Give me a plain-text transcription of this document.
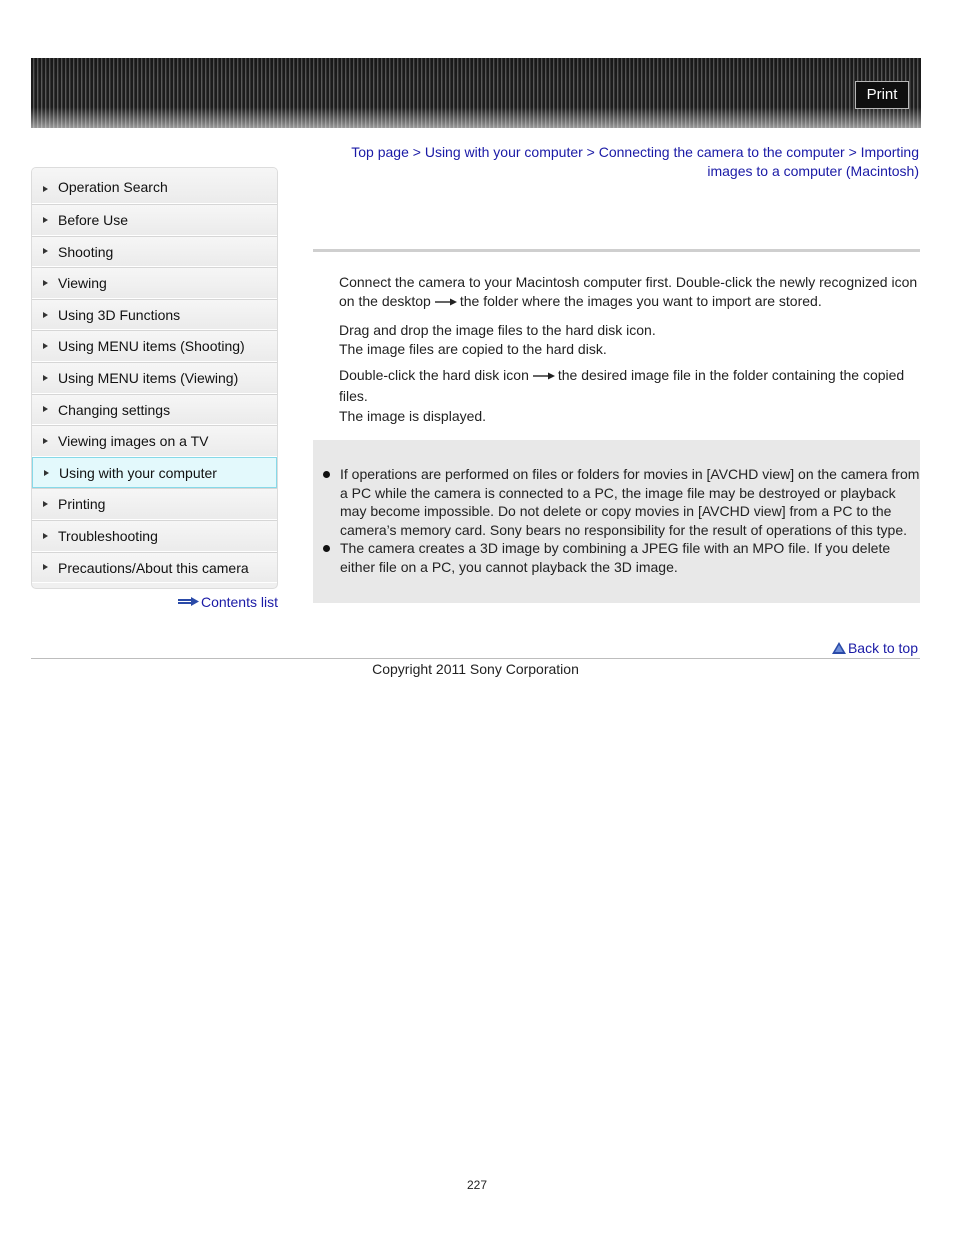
Print
Top page > Using with your computer > Connecting the camera to the computer > Importing images to a computer (Macintosh)
Operation Search
Before Use
Shooting
Viewing
Using 3D Functions
Using MENU items (Shooting)
Using MENU items (Viewing)
Changing settings
Viewing images on a TV
Using with your computer
Printing
Troubleshooting
Precautions/About this camera
Contents list

Connect the camera to your Macintosh computer first. Double-click the newly recognized icon on the desktop the folder where the images you want to import are stored.

Drag and drop the image files to the hard disk icon.

The image files are copied to the hard disk.

Double-click the hard disk icon the desired image file in the folder containing the copied files.

The image is displayed.

If operations are performed on files or folders for movies in [AVCHD view] on the camera from a PC while the camera is connected to a PC, the image file may be destroyed or playback may become impossible. Do not delete or copy movies in [AVCHD view] from a PC to the camera’s memory card. Sony bears no responsibility for the result of operations of this type.
The camera creates a 3D image by combining a JPEG file with an MPO file. If you delete either file on a PC, you cannot playback the 3D image.
Back to top
Copyright 2011 Sony Corporation
227
